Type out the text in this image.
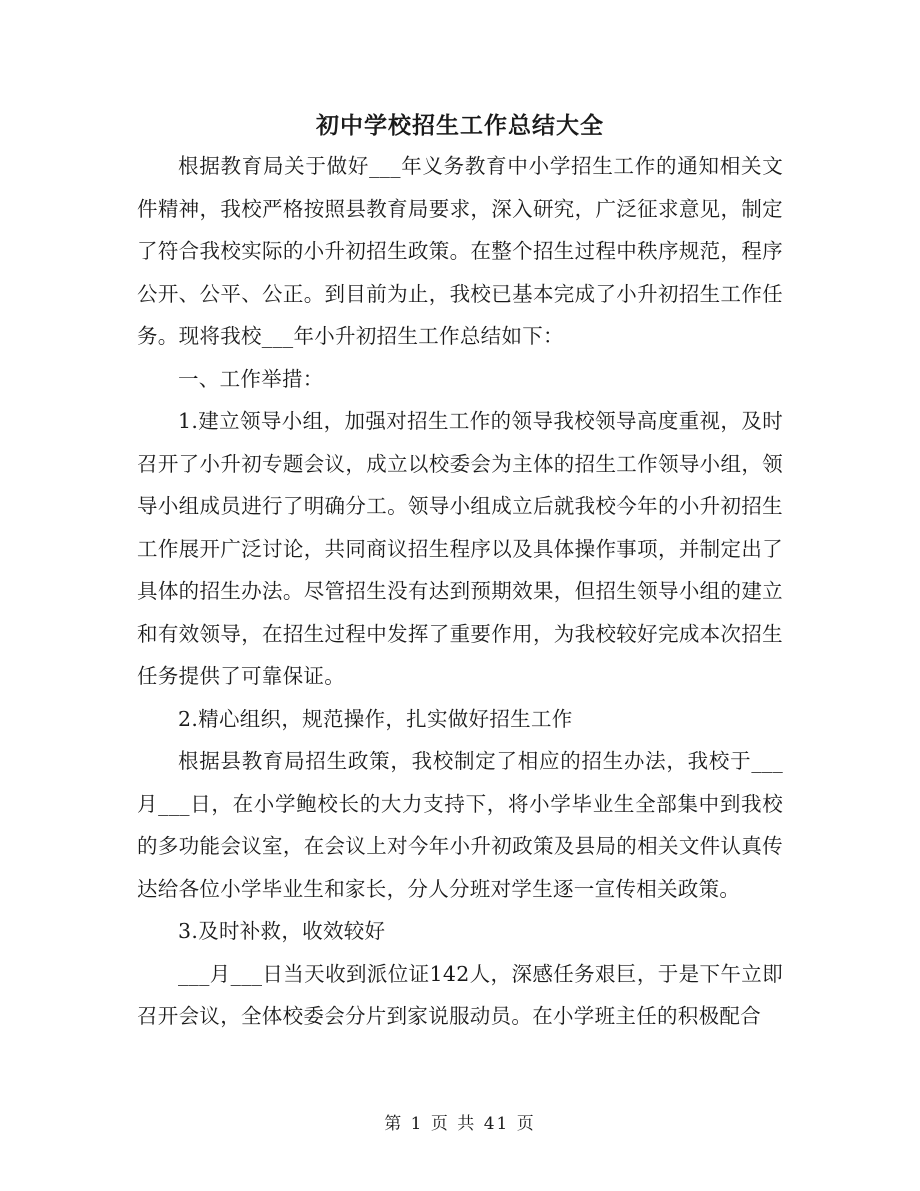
初中学校招生工作总结大全

根据教育局关于做好___年义务教育中小学招生工作的通知相关文件精神，我校严格按照县教育局要求，深入研究，广泛征求意见，制定了符合我校实际的小升初招生政策。在整个招生过程中秩序规范，程序公开、公平、公正。到目前为止，我校已基本完成了小升初招生工作任务。现将我校___年小升初招生工作总结如下：

一、工作举措：

1.建立领导小组，加强对招生工作的领导我校领导高度重视，及时召开了小升初专题会议，成立以校委会为主体的招生工作领导小组，领导小组成员进行了明确分工。领导小组成立后就我校今年的小升初招生工作展开广泛讨论，共同商议招生程序以及具体操作事项，并制定出了具体的招生办法。尽管招生没有达到预期效果，但招生领导小组的建立和有效领导，在招生过程中发挥了重要作用，为我校较好完成本次招生任务提供了可靠保证。

2.精心组织，规范操作，扎实做好招生工作

根据县教育局招生政策，我校制定了相应的招生办法，我校于___月___日，在小学鲍校长的大力支持下，将小学毕业生全部集中到我校的多功能会议室，在会议上对今年小升初政策及县局的相关文件认真传达给各位小学毕业生和家长，分人分班对学生逐一宣传相关政策。

3.及时补救，收效较好

___月___日当天收到派位证142人，深感任务艰巨，于是下午立即召开会议，全体校委会分片到家说服动员。在小学班主任的积极配合

第 1 页 共 41 页
